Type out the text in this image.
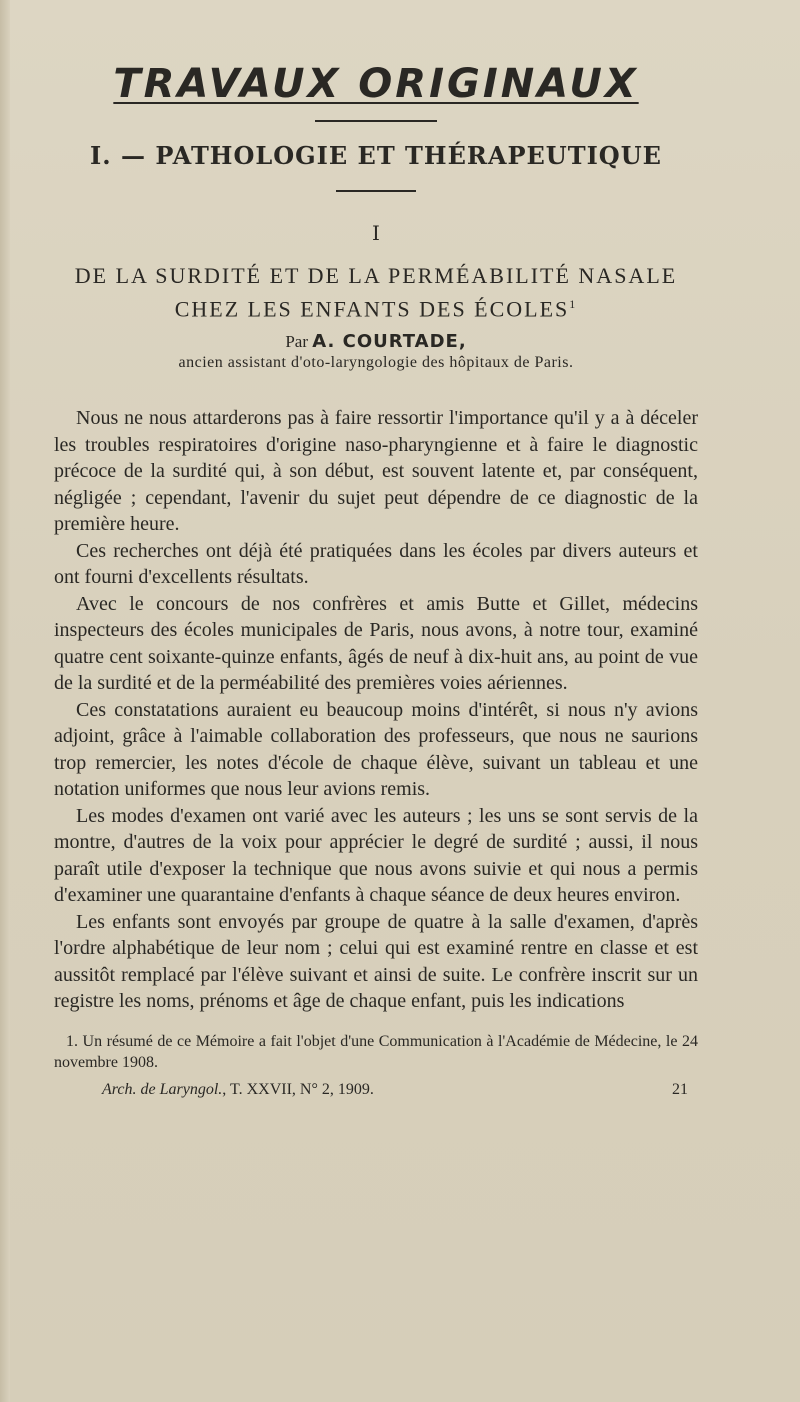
TRAVAUX ORIGINAUX
I. — PATHOLOGIE ET THÉRAPEUTIQUE
I
DE LA SURDITÉ ET DE LA PERMÉABILITÉ NASALE
CHEZ LES ENFANTS DES ÉCOLES$^1$
Par A. COURTADE,
ancien assistant d'oto-laryngologie des hôpitaux de Paris.

Nous ne nous attarderons pas à faire ressortir l'importance qu'il y a à déceler les troubles respiratoires d'origine naso-pharyngienne et à faire le diagnostic précoce de la surdité qui, à son début, est souvent latente et, par conséquent, négligée ; cependant, l'avenir du sujet peut dépendre de ce diagnostic de la première heure.

Ces recherches ont déjà été pratiquées dans les écoles par divers auteurs et ont fourni d'excellents résultats.

Avec le concours de nos confrères et amis Butte et Gillet, médecins inspecteurs des écoles municipales de Paris, nous avons, à notre tour, examiné quatre cent soixante-quinze enfants, âgés de neuf à dix-huit ans, au point de vue de la surdité et de la perméabilité des premières voies aériennes.

Ces constatations auraient eu beaucoup moins d'intérêt, si nous n'y avions adjoint, grâce à l'aimable collaboration des professeurs, que nous ne saurions trop remercier, les notes d'école de chaque élève, suivant un tableau et une notation uniformes que nous leur avions remis.

Les modes d'examen ont varié avec les auteurs ; les uns se sont servis de la montre, d'autres de la voix pour apprécier le degré de surdité ; aussi, il nous paraît utile d'exposer la technique que nous avons suivie et qui nous a permis d'examiner une quarantaine d'enfants à chaque séance de deux heures environ.

Les enfants sont envoyés par groupe de quatre à la salle d'examen, d'après l'ordre alphabétique de leur nom ; celui qui est examiné rentre en classe et est aussitôt remplacé par l'élève suivant et ainsi de suite. Le confrère inscrit sur un registre les noms, prénoms et âge de chaque enfant, puis les indications

1. Un résumé de ce Mémoire a fait l'objet d'une Communication à l'Académie de Médecine, le 24 novembre 1908.

Arch. de Laryngol., T. XXVII, N° 2, 1909.	21
